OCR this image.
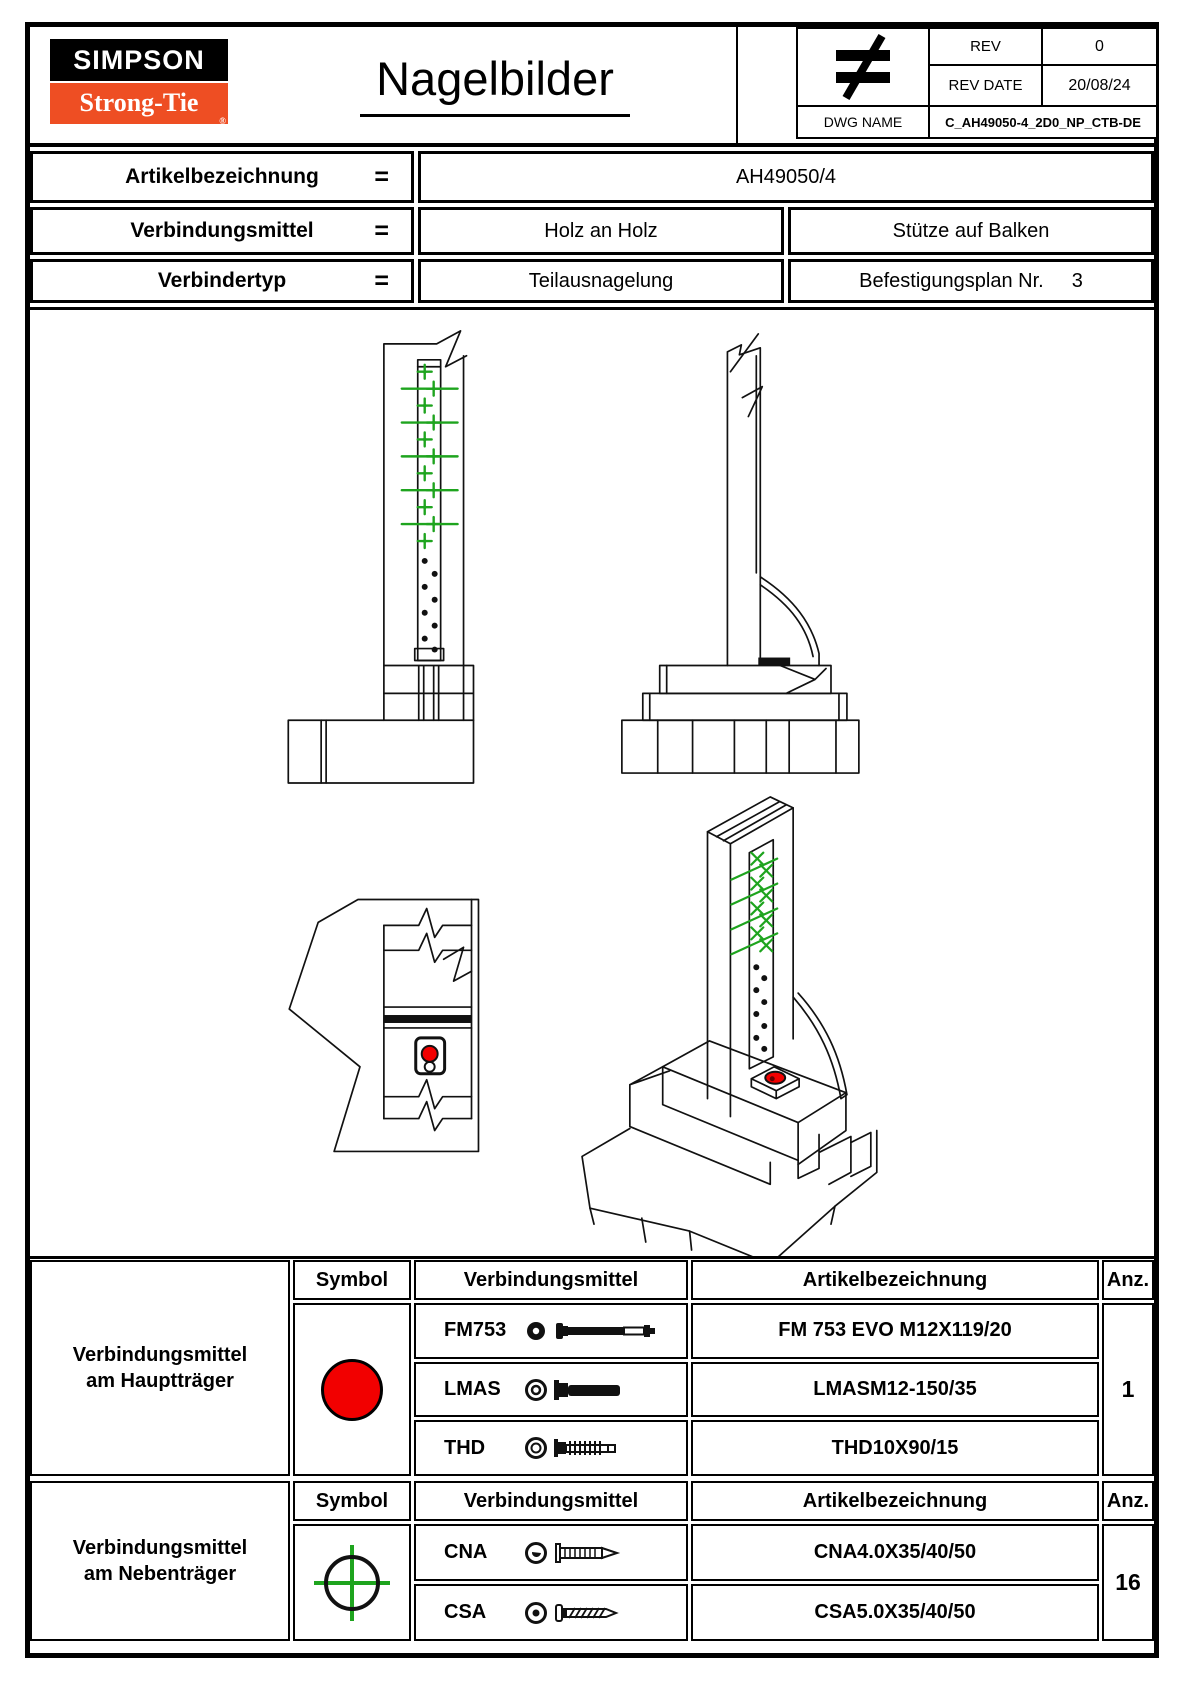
SIMPSON
Strong-Tie
®
Nagelbilder
REV	0
REV DATE	20/08/24
DWG NAME	C_AH49050-4_2D0_NP_CTB-DE
Artikelbezeichnung =	AH49050/4
Verbindungsmittel =	Holz an Holz	Stütze auf Balken
Verbindertyp	=	Teilausnagelung	Befestigungsplan Nr. 3
Verbindungsmittel
am Hauptträger
Symbol	Verbindungsmittel	Artikelbezeichnung	Anz.
FM753	FM 753 EVO M12X119/20
LMAS	LMASM12-150/35
THD	THD10X90/15
1
Verbindungsmittel
am Nebenträger
Symbol	Verbindungsmittel	Artikelbezeichnung	Anz.
CNA	CNA4.0X35/40/50
CSA	CSA5.0X35/40/50
16
